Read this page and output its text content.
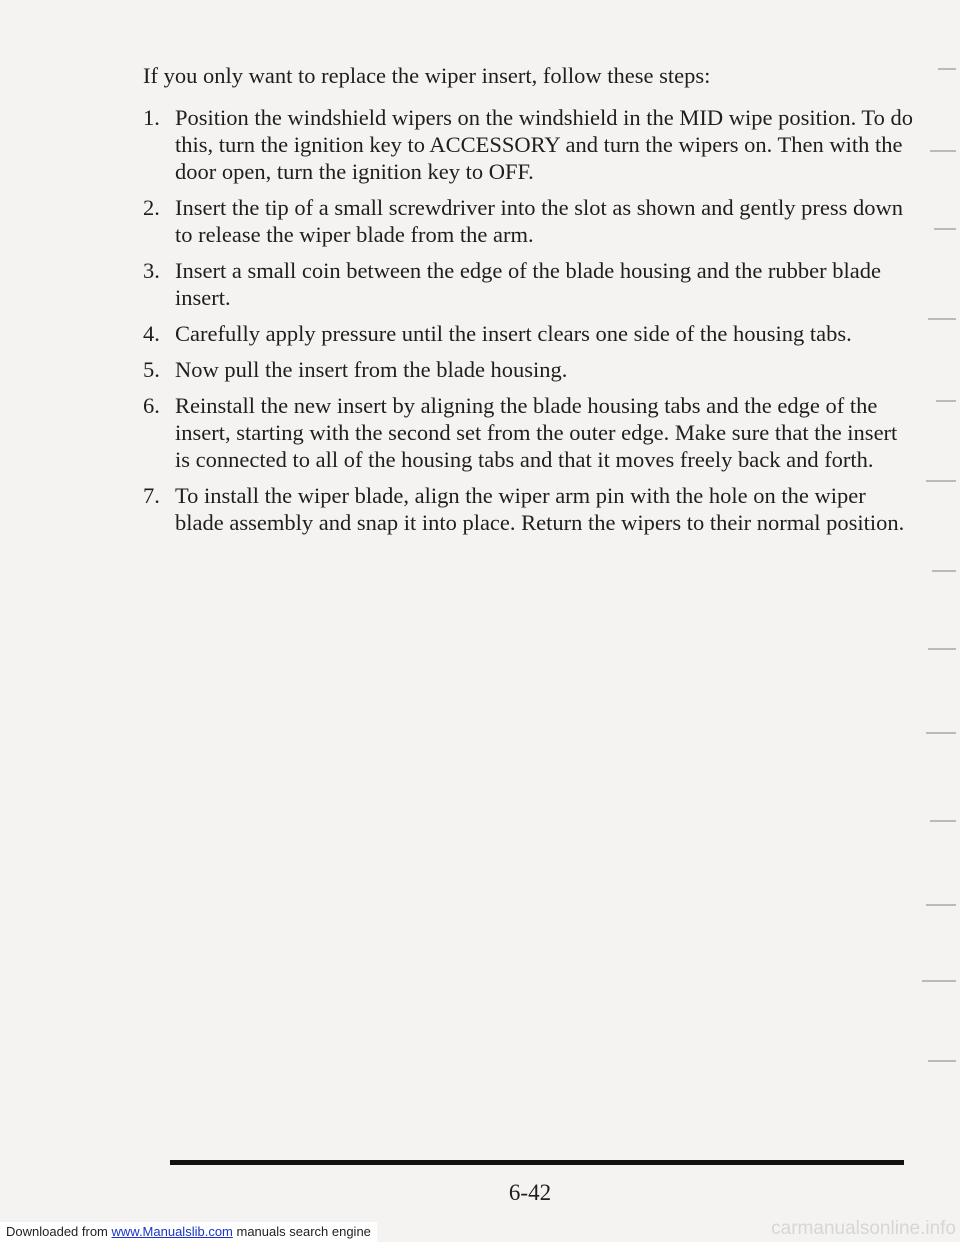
If you only want to replace the wiper insert, follow these steps:

1. Position the windshield wipers on the windshield in the MID wipe position. To do this, turn the ignition key to ACCESSORY and turn the wipers on. Then with the door open, turn the ignition key to OFF.
2. Insert the tip of a small screwdriver into the slot as shown and gently press down to release the wiper blade from the arm.
3. Insert a small coin between the edge of the blade housing and the rubber blade insert.
4. Carefully apply pressure until the insert clears one side of the housing tabs.
5. Now pull the insert from the blade housing.
6. Reinstall the new insert by aligning the blade housing tabs and the edge of the insert, starting with the second set from the outer edge. Make sure that the insert is connected to all of the housing tabs and that it moves freely back and forth.
7. To install the wiper blade, align the wiper arm pin with the hole on the wiper blade assembly and snap it into place. Return the wipers to their normal position.

6-42

Downloaded from www.Manualslib.com manuals search engine	carmanualsonline.info
